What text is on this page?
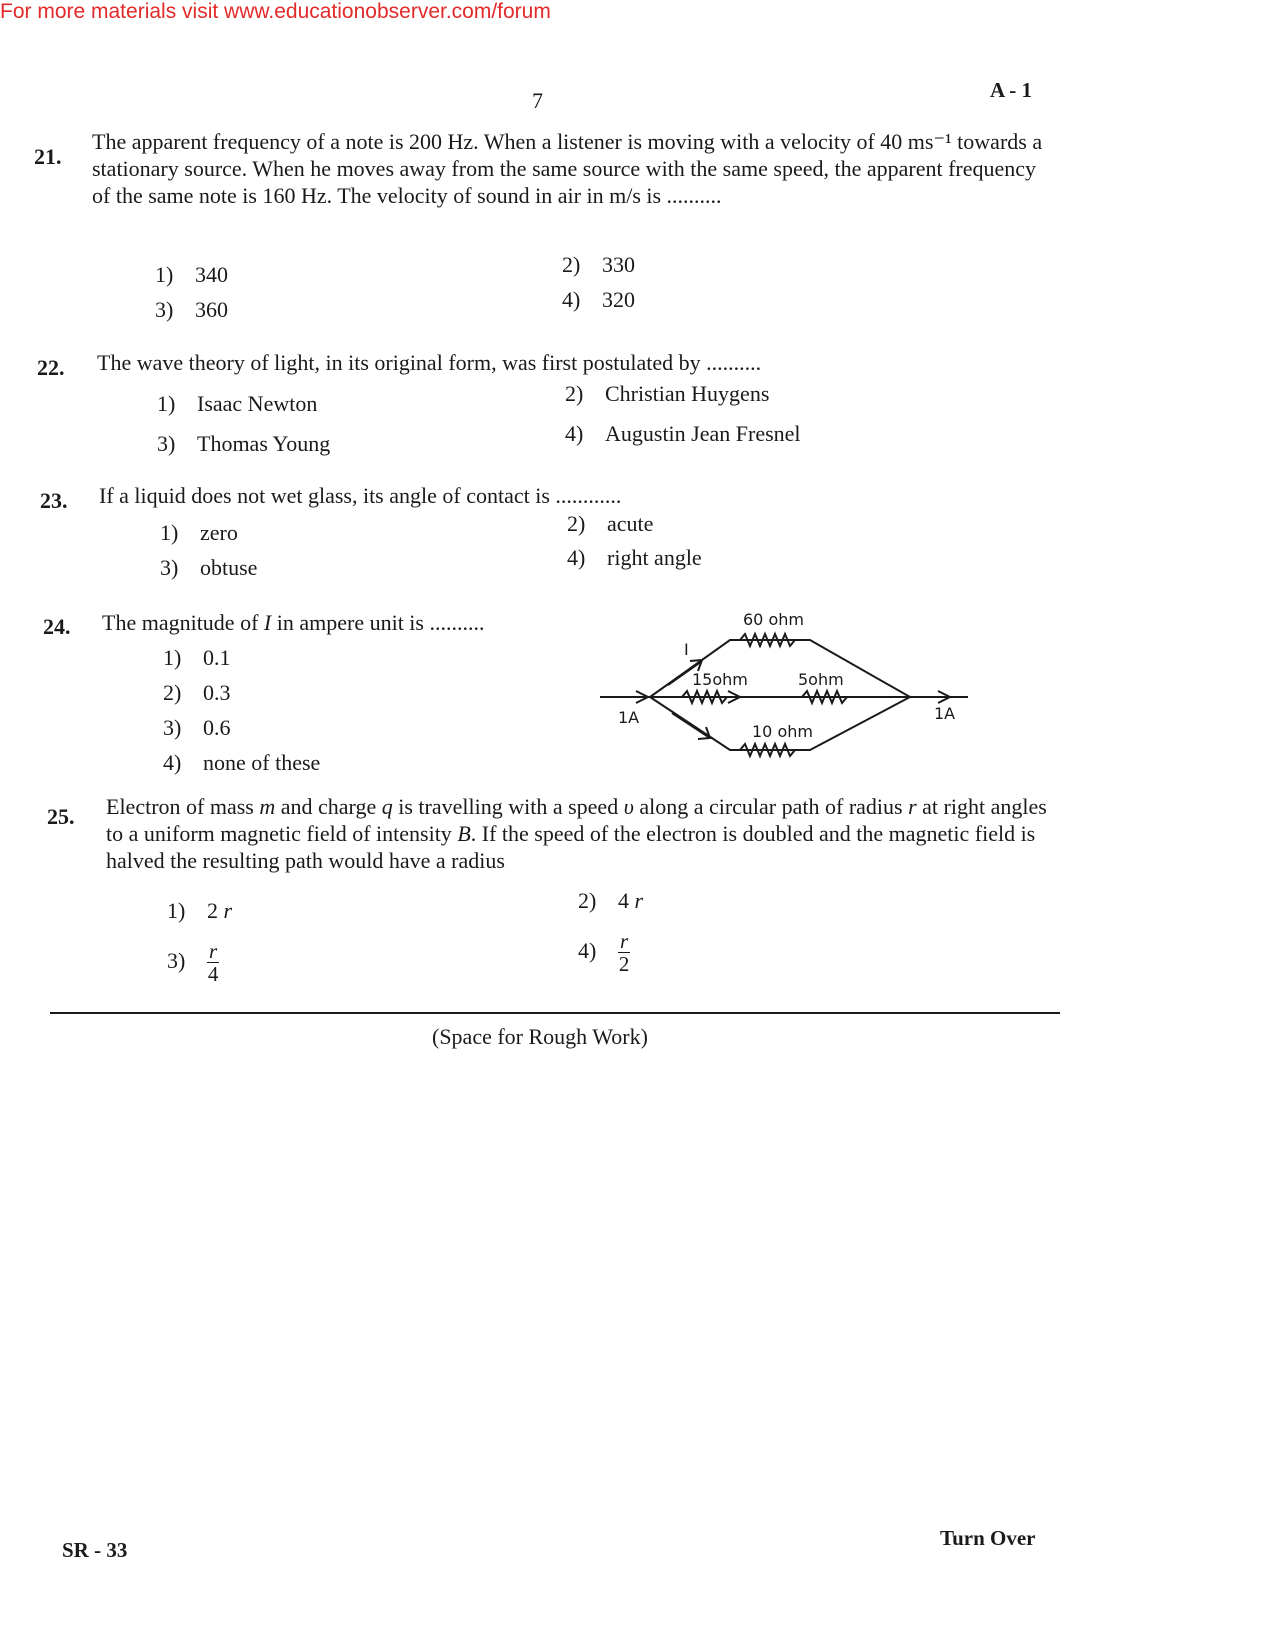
For more materials visit www.educationobserver.com/forum
7	A - 1
21.
The apparent frequency of a note is 200 Hz. When a listener is moving with a velocity of 40 ms⁻¹ towards a stationary source. When he moves away from the same source with the same speed, the apparent frequency of the same note is 160 Hz. The velocity of sound in air in m/s is ..........
1) 340	2) 330
3) 360	4) 320
22. The wave theory of light, in its original form, was first postulated by ..........
1) Isaac Newton	2) Christian Huygens
3) Thomas Young	4) Augustin Jean Fresnel
23. If a liquid does not wet glass, its angle of contact is ............
1) zero	2) acute
3) obtuse	4) right angle
24. The magnitude of I in ampere unit is ..........
1) 0.1
2) 0.3
3) 0.6
4) none of these
60 ohm
I
15ohm	5ohm
10 ohm
1A	1A
25. Electron of mass m and charge q is travelling with a speed υ along a circular path of radius r at right angles to a uniform magnetic field of intensity B. If the speed of the electron is doubled and the magnetic field is halved the resulting path would have a radius
1) 2 r	2) 4 r
$3) \frac{r}{4}$	$4) \frac{r}{2}$
(Space for Rough Work)
SR - 33	Turn Over
